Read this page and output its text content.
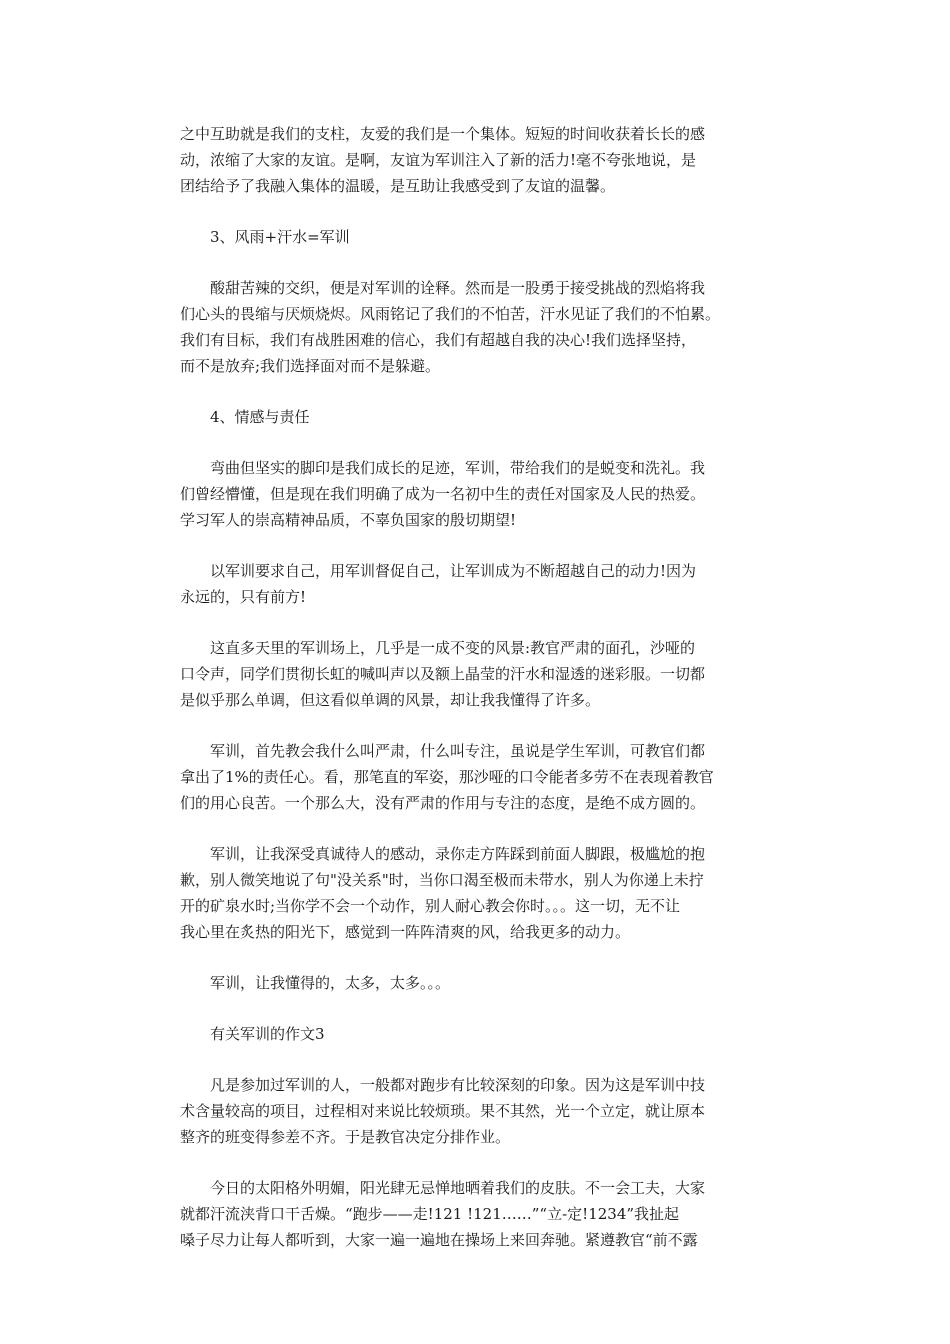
之中互助就是我们的支柱，友爱的我们是一个集体。短短的时间收获着长长的感
动，浓缩了大家的友谊。是啊，友谊为军训注入了新的活力!毫不夸张地说，是
团结给予了我融入集体的温暖，是互助让我感受到了友谊的温馨。
3、风雨+汗水=军训
酸甜苦辣的交织，便是对军训的诠释。然而是一股勇于接受挑战的烈焰将我
们心头的畏缩与厌烦烧烬。风雨铭记了我们的不怕苦，汗水见证了我们的不怕累。
我们有目标，我们有战胜困难的信心，我们有超越自我的决心!我们选择坚持，
而不是放弃;我们选择面对而不是躲避。
4、情感与责任
弯曲但坚实的脚印是我们成长的足迹，军训，带给我们的是蜕变和洗礼。我
们曾经懵懂，但是现在我们明确了成为一名初中生的责任对国家及人民的热爱。
学习军人的崇高精神品质，不辜负国家的殷切期望!
以军训要求自己，用军训督促自己，让军训成为不断超越自己的动力!因为
永远的，只有前方!
这直多天里的军训场上，几乎是一成不变的风景:教官严肃的面孔，沙哑的
口令声，同学们贯彻长虹的喊叫声以及额上晶莹的汗水和湿透的迷彩服。一切都
是似乎那么单调，但这看似单调的风景，却让我我懂得了许多。
军训，首先教会我什么叫严肃，什么叫专注，虽说是学生军训，可教官们都
拿出了1%的责任心。看，那笔直的军姿，那沙哑的口令能者多劳不在表现着教官
们的用心良苦。一个那么大，没有严肃的作用与专注的态度，是绝不成方圆的。
军训，让我深受真诚待人的感动，录你走方阵踩到前面人脚跟，极尴尬的抱
歉，别人微笑地说了句"没关系"时，当你口渴至极而未带水，别人为你递上未拧
开的矿泉水时;当你学不会一个动作，别人耐心教会你时。。。这一切，无不让
我心里在炙热的阳光下，感觉到一阵阵清爽的风，给我更多的动力。
军训，让我懂得的，太多，太多。。。
有关军训的作文3
凡是参加过军训的人，一般都对跑步有比较深刻的印象。因为这是军训中技
术含量较高的项目，过程相对来说比较烦琐。果不其然，光一个立定，就让原本
整齐的班变得参差不齐。于是教官决定分排作业。
今日的太阳格外明媚，阳光肆无忌惮地晒着我们的皮肤。不一会工夫，大家
就都汗流浃背口干舌燥。“跑步——走!121 !121……”“立-定!1234”我扯起
嗓子尽力让每人都听到，大家一遍一遍地在操场上来回奔驰。紧遵教官“前不露
